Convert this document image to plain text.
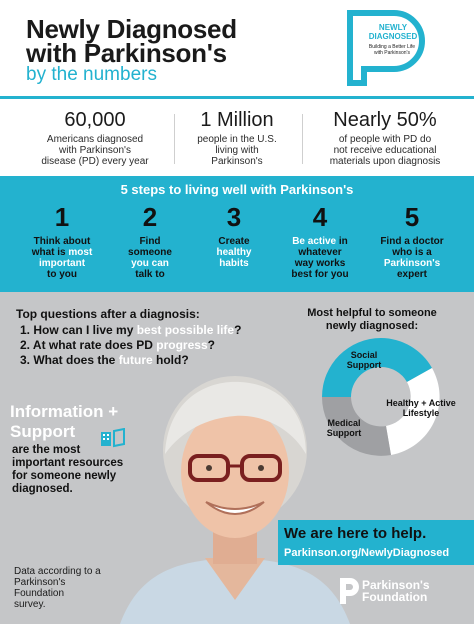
Newly Diagnosed
with Parkinson's
by the numbers
NEWLY
DIAGNOSED
Building a Better Life
with Parkinson's
60,000
Americans diagnosed
with Parkinson's
disease (PD) every year
1 Million
people in the U.S.
living with
Parkinson's
Nearly 50%
of people with PD do
not receive educational
materials upon diagnosis
5 steps to living well with Parkinson's
1
Think about
what is most
important
to you
2
Find
someone
you can
talk to
3
Create
healthy
habits
4
Be active in
whatever
way works
best for you
5
Find a doctor
who is a
Parkinson's
expert
Top questions after a diagnosis:
1. How can I live my best possible life?
2. At what rate does PD progress?
3. What does the future hold?
Most helpful to someone
newly diagnosed:
Social
Support
Healthy + Active
Lifestyle
Medical
Support
Information +
Support
are the most
important resources
for someone newly
diagnosed.
We are here to help.
Parkinson.org/NewlyDiagnosed
Data according to a
Parkinson's
Foundation
survey.
Parkinson's
Foundation
